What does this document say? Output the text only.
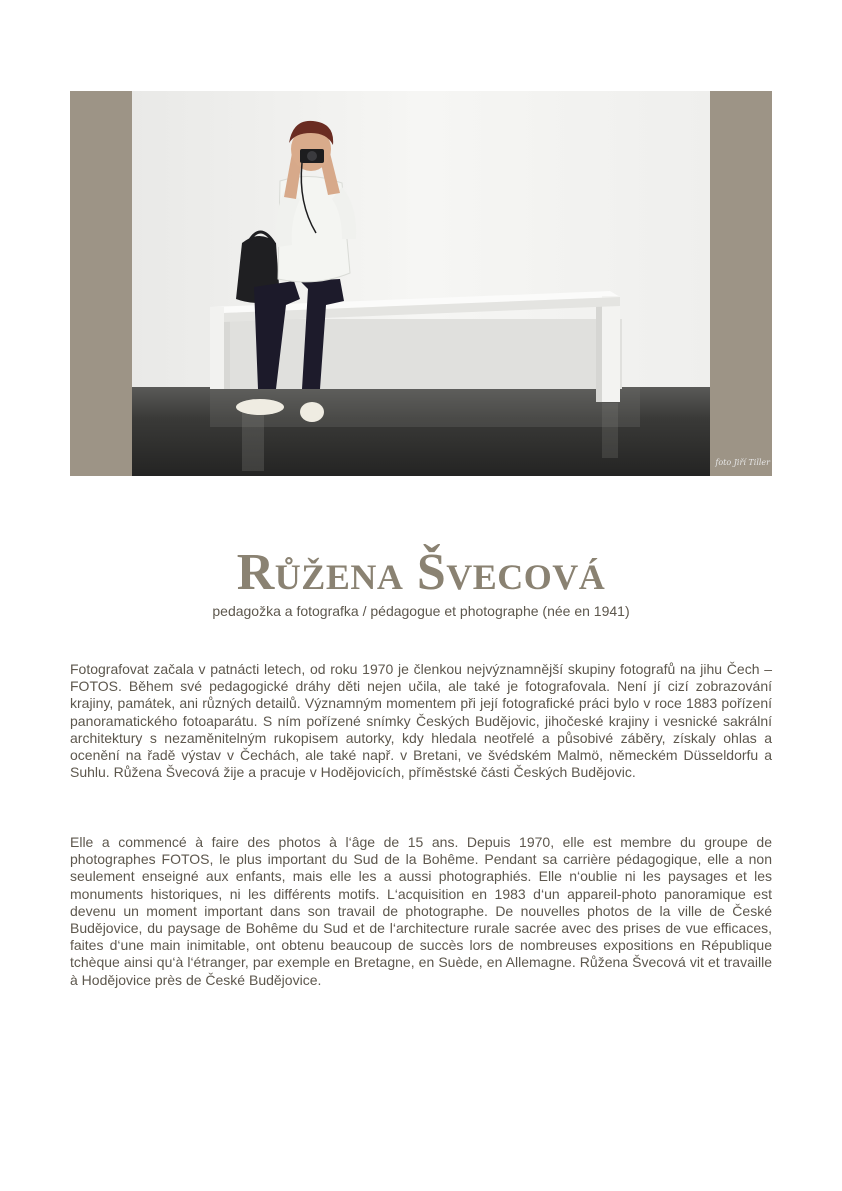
foto Jiří Tiller
Růžena Švecová
pedagožka a fotografka / pédagogue et photographe (née en 1941)

Fotografovat začala v patnácti letech, od roku 1970 je členkou nejvýznamnější skupiny fotografů na jihu Čech – FOTOS. Během své pedagogické dráhy děti nejen učila, ale také je fotografovala. Není jí cizí zobrazování krajiny, památek, ani různých detailů. Významným momentem při její fotografické práci bylo v roce 1883 pořízení panoramatického fotoaparátu. S ním pořízené snímky Českých Budějovic, jihočeské krajiny i vesnické sakrální architektury s nezaměnitelným rukopisem autorky, kdy hledala neotřelé a působivé záběry, získaly ohlas a ocenění na řadě výstav v Čechách, ale také např. v Bretani, ve švédském Malmö, německém Düsseldorfu a Suhlu. Růžena Švecová žije a pracuje v Hodějovicích, příměstské části Českých Budějovic.

Elle a commencé à faire des photos à l‘âge de 15 ans. Depuis 1970, elle est membre du groupe de photographes FOTOS, le plus important du Sud de la Bohême. Pendant sa carrière pédagogique, elle a non seulement enseigné aux enfants, mais elle les a aussi photographiés. Elle n‘oublie ni les paysages et les monuments historiques, ni les différents motifs. L‘acquisition en 1983 d‘un appareil-photo panoramique est devenu un moment important dans son travail de photographe. De nouvelles photos de la ville de České Budějovice, du paysage de Bohême du Sud et de l‘architecture rurale sacrée avec des prises de vue efficaces, faites d‘une main inimitable, ont obtenu beaucoup de succès lors de nombreuses expositions en République tchèque ainsi qu‘à l‘étranger, par exemple en Bretagne, en Suède, en Allemagne. Růžena Švecová vit et travaille à Hodějovice près de České Budějovice.
